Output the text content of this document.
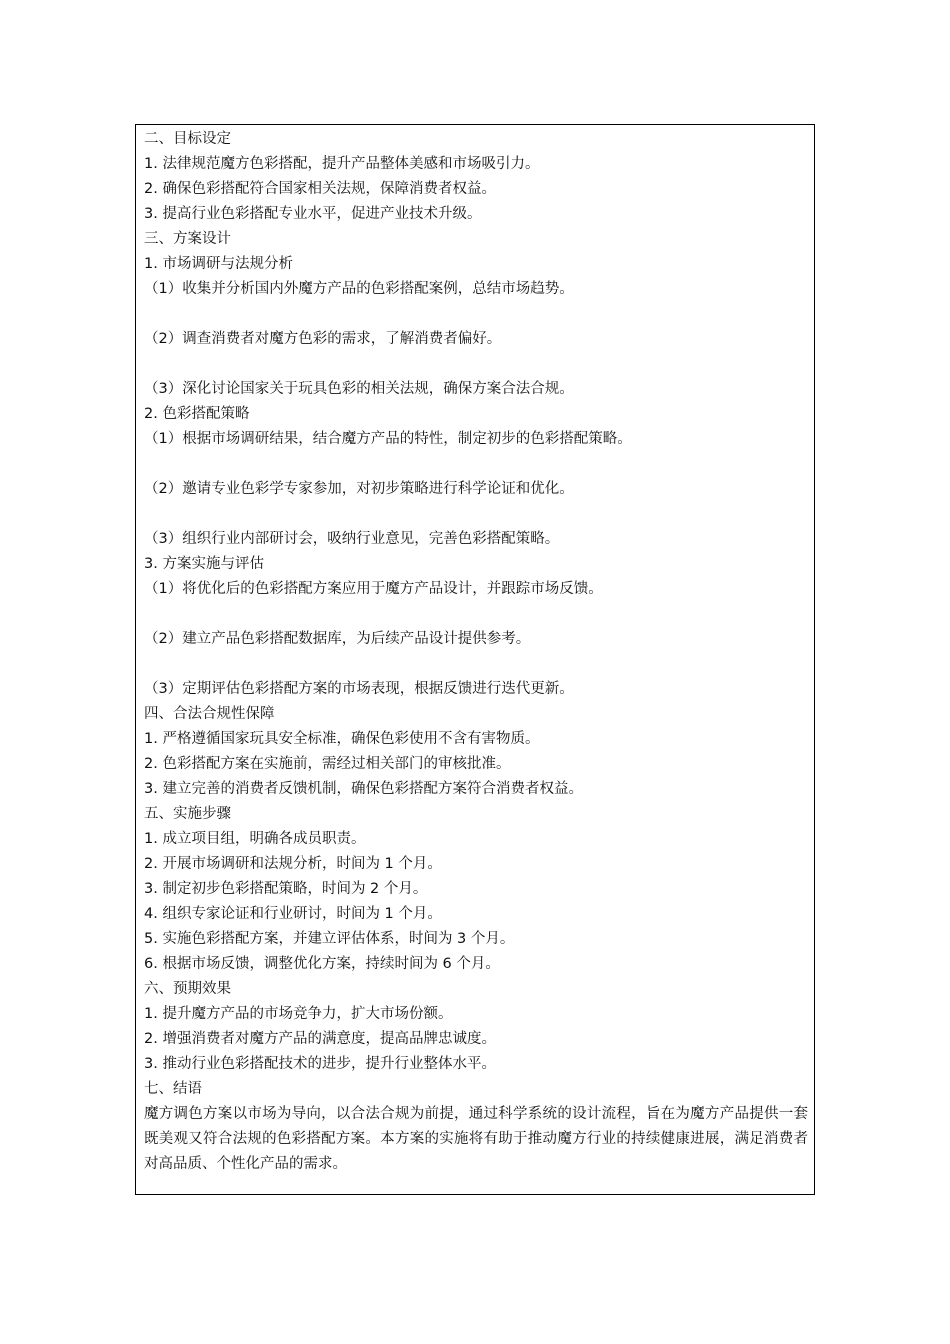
二、目标设定
1. 法律规范魔方色彩搭配，提升产品整体美感和市场吸引力。
2. 确保色彩搭配符合国家相关法规，保障消费者权益。
3. 提高行业色彩搭配专业水平，促进产业技术升级。
三、方案设计
1. 市场调研与法规分析
（1）收集并分析国内外魔方产品的色彩搭配案例，总结市场趋势。
（2）调查消费者对魔方色彩的需求，了解消费者偏好。
（3）深化讨论国家关于玩具色彩的相关法规，确保方案合法合规。
2. 色彩搭配策略
（1）根据市场调研结果，结合魔方产品的特性，制定初步的色彩搭配策略。
（2）邀请专业色彩学专家参加，对初步策略进行科学论证和优化。
（3）组织行业内部研讨会，吸纳行业意见，完善色彩搭配策略。
3. 方案实施与评估
（1）将优化后的色彩搭配方案应用于魔方产品设计，并跟踪市场反馈。
（2）建立产品色彩搭配数据库，为后续产品设计提供参考。
（3）定期评估色彩搭配方案的市场表现，根据反馈进行迭代更新。
四、合法合规性保障
1. 严格遵循国家玩具安全标准，确保色彩使用不含有害物质。
2. 色彩搭配方案在实施前，需经过相关部门的审核批准。
3. 建立完善的消费者反馈机制，确保色彩搭配方案符合消费者权益。
五、实施步骤
1. 成立项目组，明确各成员职责。
2. 开展市场调研和法规分析，时间为 1 个月。
3. 制定初步色彩搭配策略，时间为 2 个月。
4. 组织专家论证和行业研讨，时间为 1 个月。
5. 实施色彩搭配方案，并建立评估体系，时间为 3 个月。
6. 根据市场反馈，调整优化方案，持续时间为 6 个月。
六、预期效果
1. 提升魔方产品的市场竞争力，扩大市场份额。
2. 增强消费者对魔方产品的满意度，提高品牌忠诚度。
3. 推动行业色彩搭配技术的进步，提升行业整体水平。
七、结语
魔方调色方案以市场为导向，以合法合规为前提，通过科学系统的设计流程，旨在为魔方产品提供一套既美观又符合法规的色彩搭配方案。本方案的实施将有助于推动魔方行业的持续健康进展，满足消费者对高品质、个性化产品的需求。
